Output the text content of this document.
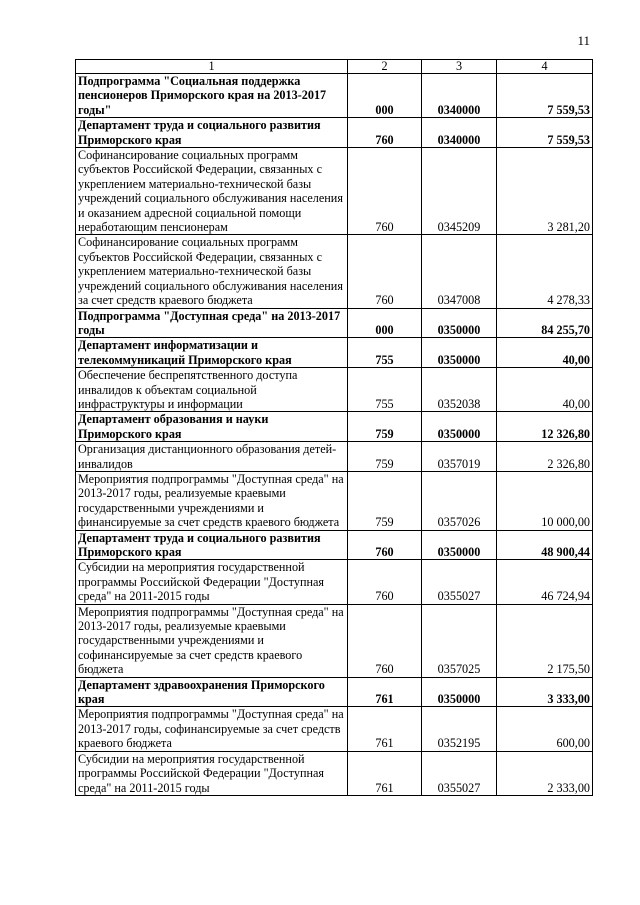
11
1	2	3	4
Подпрограмма "Социальная поддержка пенсионеров Приморского края на 2013-2017 годы"	000	0340000	7 559,53
Департамент труда и социального развития Приморского края	760	0340000	7 559,53
Софинансирование социальных программ субъектов Российской Федерации, связанных с укреплением материально-технической базы учреждений социального обслуживания населения и оказанием адресной социальной помощи неработающим пенсионерам	760	0345209	3 281,20
Софинансирование социальных программ субъектов Российской Федерации, связанных с укреплением материально-технической базы учреждений социального обслуживания населения за счет средств краевого бюджета	760	0347008	4 278,33
Подпрограмма "Доступная среда" на 2013-2017 годы	000	0350000	84 255,70
Департамент информатизации и телекоммуникаций Приморского края	755	0350000	40,00
Обеспечение беспрепятственного доступа инвалидов к объектам социальной инфраструктуры и информации	755	0352038	40,00
Департамент образования и науки Приморского края	759	0350000	12 326,80
Организация дистанционного образования детей-инвалидов	759	0357019	2 326,80
Мероприятия подпрограммы "Доступная среда" на 2013-2017 годы, реализуемые краевыми государственными учреждениями и финансируемые за счет средств краевого бюджета	759	0357026	10 000,00
Департамент труда и социального развития Приморского края	760	0350000	48 900,44
Субсидии на мероприятия государственной программы Российской Федерации "Доступная среда" на 2011-2015 годы	760	0355027	46 724,94
Мероприятия подпрограммы "Доступная среда" на 2013-2017 годы, реализуемые краевыми государственными учреждениями и софинансируемые за счет средств краевого бюджета	760	0357025	2 175,50
Департамент здравоохранения Приморского края	761	0350000	3 333,00
Мероприятия подпрограммы "Доступная среда" на 2013-2017 годы, софинансируемые за счет средств краевого бюджета	761	0352195	600,00
Субсидии на мероприятия государственной программы Российской Федерации "Доступная среда" на 2011-2015 годы	761	0355027	2 333,00
